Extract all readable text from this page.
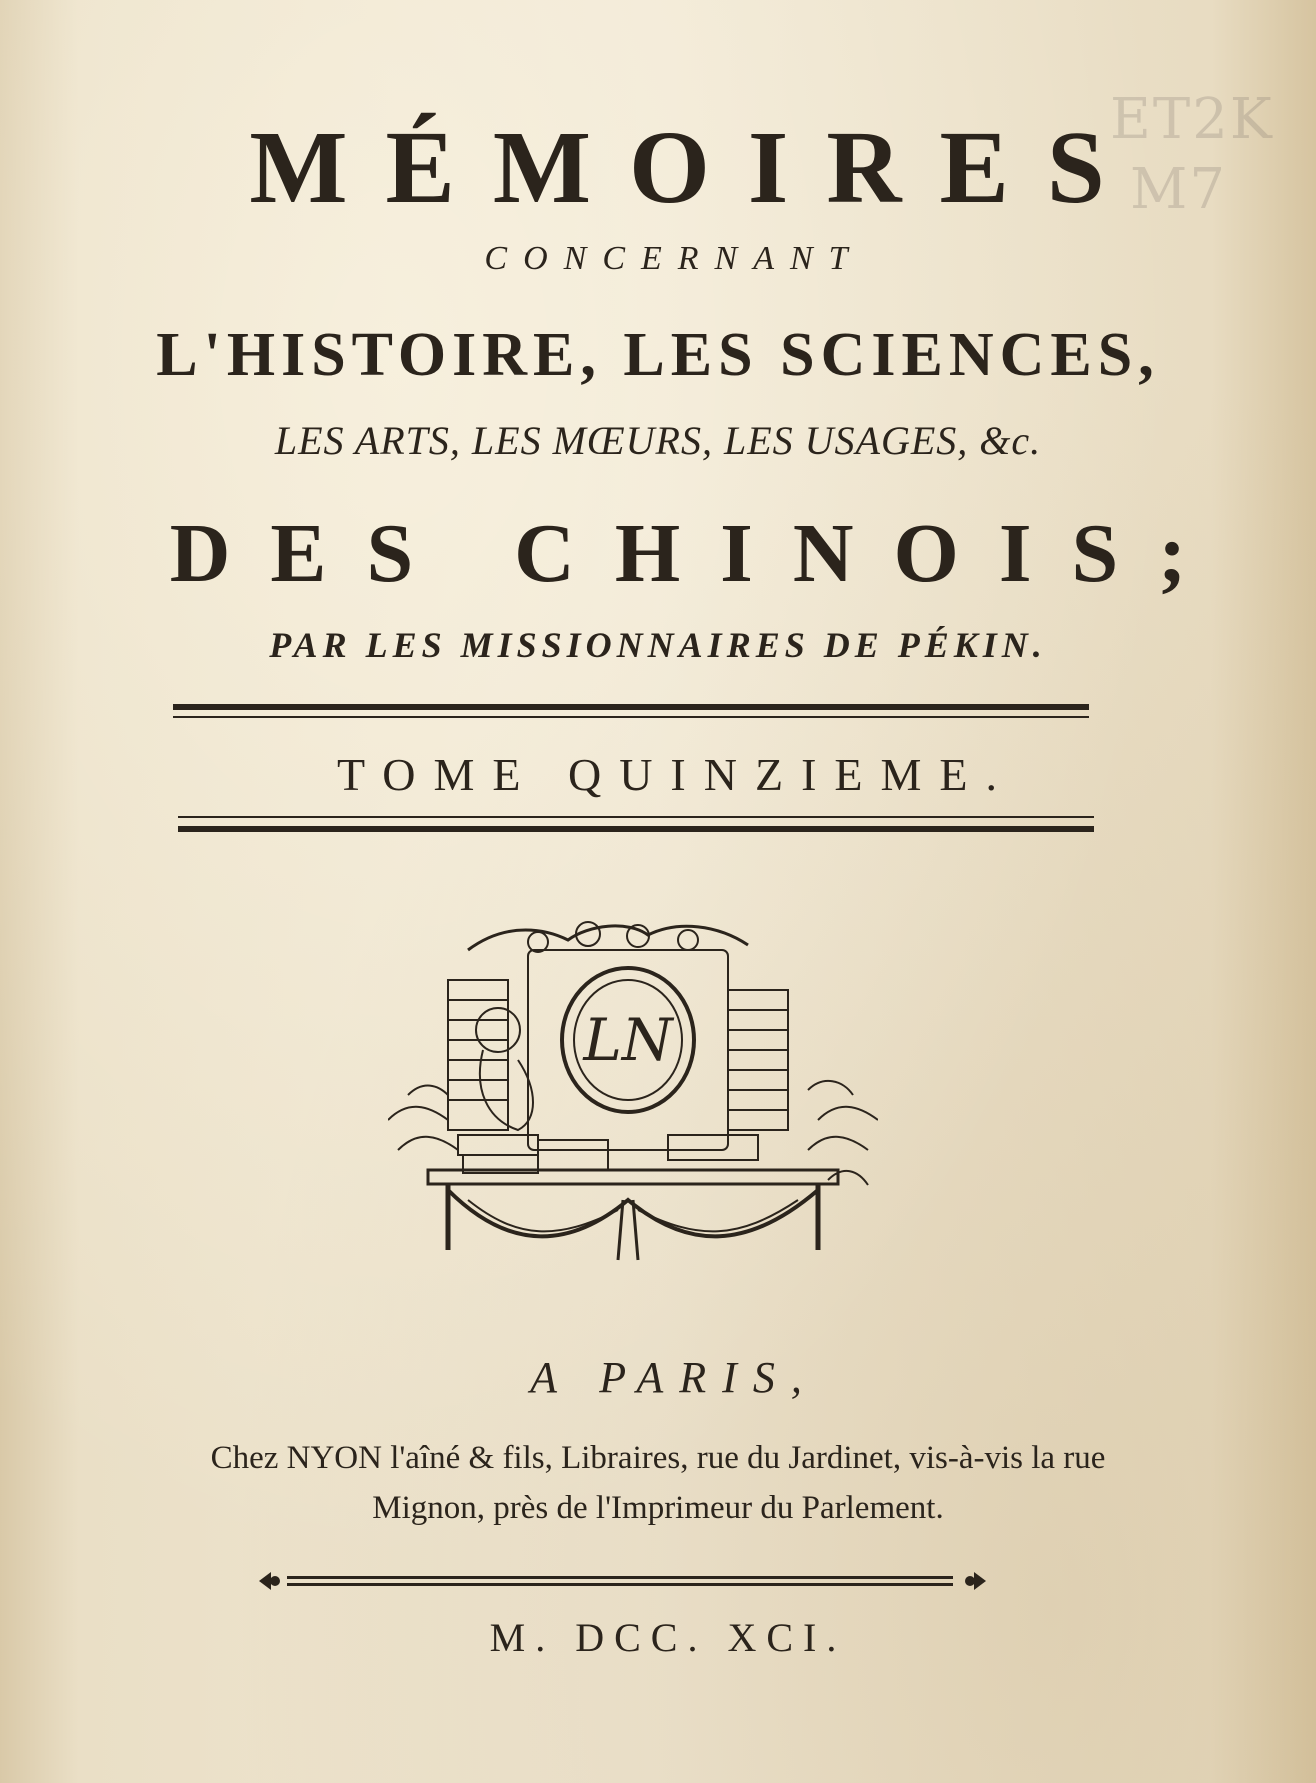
ET2K
M7
MÉMOIRES
CONCERNANT
L'HISTOIRE, LES SCIENCES,
LES ARTS, LES MŒURS, LES USAGES, &c.
DES CHINOIS;
PAR LES MISSIONNAIRES DE PÉKIN.
TOME QUINZIEME.
LN
A PARIS,
Chez NYON l'aîné & fils, Libraires, rue du Jardinet, vis-à-vis la rue
Mignon, près de l'Imprimeur du Parlement.
M. DCC. XCI.
